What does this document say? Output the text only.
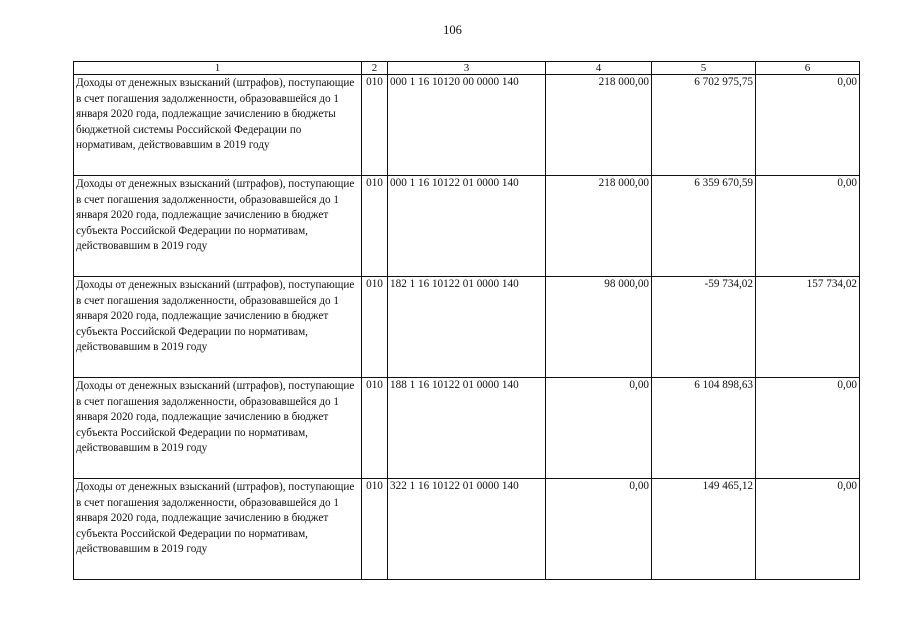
106
1	2	3	4	5	6
Доходы от денежных взысканий (штрафов), поступающие в счет погашения задолженности, образовавшейся до 1 января 2020 года, подлежащие зачислению в бюджеты бюджетной системы Российской Федерации по нормативам, действовавшим в 2019 году	010	000 1 16 10120 00 0000 140	218 000,00	6 702 975,75	0,00
Доходы от денежных взысканий (штрафов), поступающие в счет погашения задолженности, образовавшейся до 1 января 2020 года, подлежащие зачислению в бюджет субъекта Российской Федерации по нормативам, действовавшим в 2019 году	010	000 1 16 10122 01 0000 140	218 000,00	6 359 670,59	0,00
Доходы от денежных взысканий (штрафов), поступающие в счет погашения задолженности, образовавшейся до 1 января 2020 года, подлежащие зачислению в бюджет субъекта Российской Федерации по нормативам, действовавшим в 2019 году	010	182 1 16 10122 01 0000 140	98 000,00	-59 734,02	157 734,02
Доходы от денежных взысканий (штрафов), поступающие в счет погашения задолженности, образовавшейся до 1 января 2020 года, подлежащие зачислению в бюджет субъекта Российской Федерации по нормативам, действовавшим в 2019 году	010	188 1 16 10122 01 0000 140	0,00	6 104 898,63	0,00
Доходы от денежных взысканий (штрафов), поступающие в счет погашения задолженности, образовавшейся до 1 января 2020 года, подлежащие зачислению в бюджет субъекта Российской Федерации по нормативам, действовавшим в 2019 году	010	322 1 16 10122 01 0000 140	0,00	149 465,12	0,00
